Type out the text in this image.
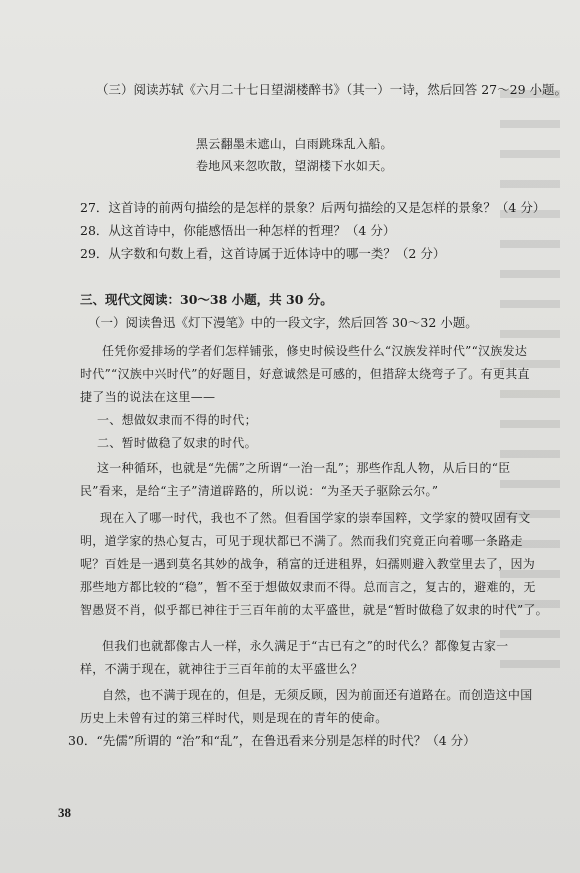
（三）阅读苏轼《六月二十七日望湖楼醉书》（其一）一诗，然后回答 27～29 小题。
黑云翻墨未遮山，白雨跳珠乱入船。
卷地风来忽吹散，望湖楼下水如天。
27．这首诗的前两句描绘的是怎样的景象？后两句描绘的又是怎样的景象？（4 分）
28．从这首诗中，你能感悟出一种怎样的哲理？（4 分）
29．从字数和句数上看，这首诗属于近体诗中的哪一类？（2 分）
三、现代文阅读：30～38 小题，共 30 分。
（一）阅读鲁迅《灯下漫笔》中的一段文字，然后回答 30～32 小题。
任凭你爱排场的学者们怎样铺张，修史时候设些什么“汉族发祥时代”“汉族发达
时代”“汉族中兴时代”的好题目，好意诚然是可感的，但措辞太绕弯子了。有更其直
捷了当的说法在这里——
一、想做奴隶而不得的时代；
二、暂时做稳了奴隶的时代。
这一种循环，也就是“先儒”之所谓“一治一乱”；那些作乱人物，从后日的“臣
民”看来，是给“主子”清道辟路的，所以说：“为圣天子驱除云尔。”
现在入了哪一时代，我也不了然。但看国学家的崇奉国粹，文学家的赞叹固有文
明，道学家的热心复古，可见于现状都已不满了。然而我们究竟正向着哪一条路走
呢？百姓是一遇到莫名其妙的战争，稍富的迁进租界，妇孺则避入教堂里去了，因为
那些地方都比较的“稳”，暂不至于想做奴隶而不得。总而言之，复古的，避难的，无
智愚贤不肖，似乎都已神往于三百年前的太平盛世，就是“暂时做稳了奴隶的时代”了。
但我们也就都像古人一样，永久满足于“古已有之”的时代么？都像复古家一
样，不满于现在，就神往于三百年前的太平盛世么？
自然，也不满于现在的，但是，无须反顾，因为前面还有道路在。而创造这中国
历史上未曾有过的第三样时代，则是现在的青年的使命。
30．“先儒”所谓的 “治”和“乱”，在鲁迅看来分别是怎样的时代？（4 分）
38
